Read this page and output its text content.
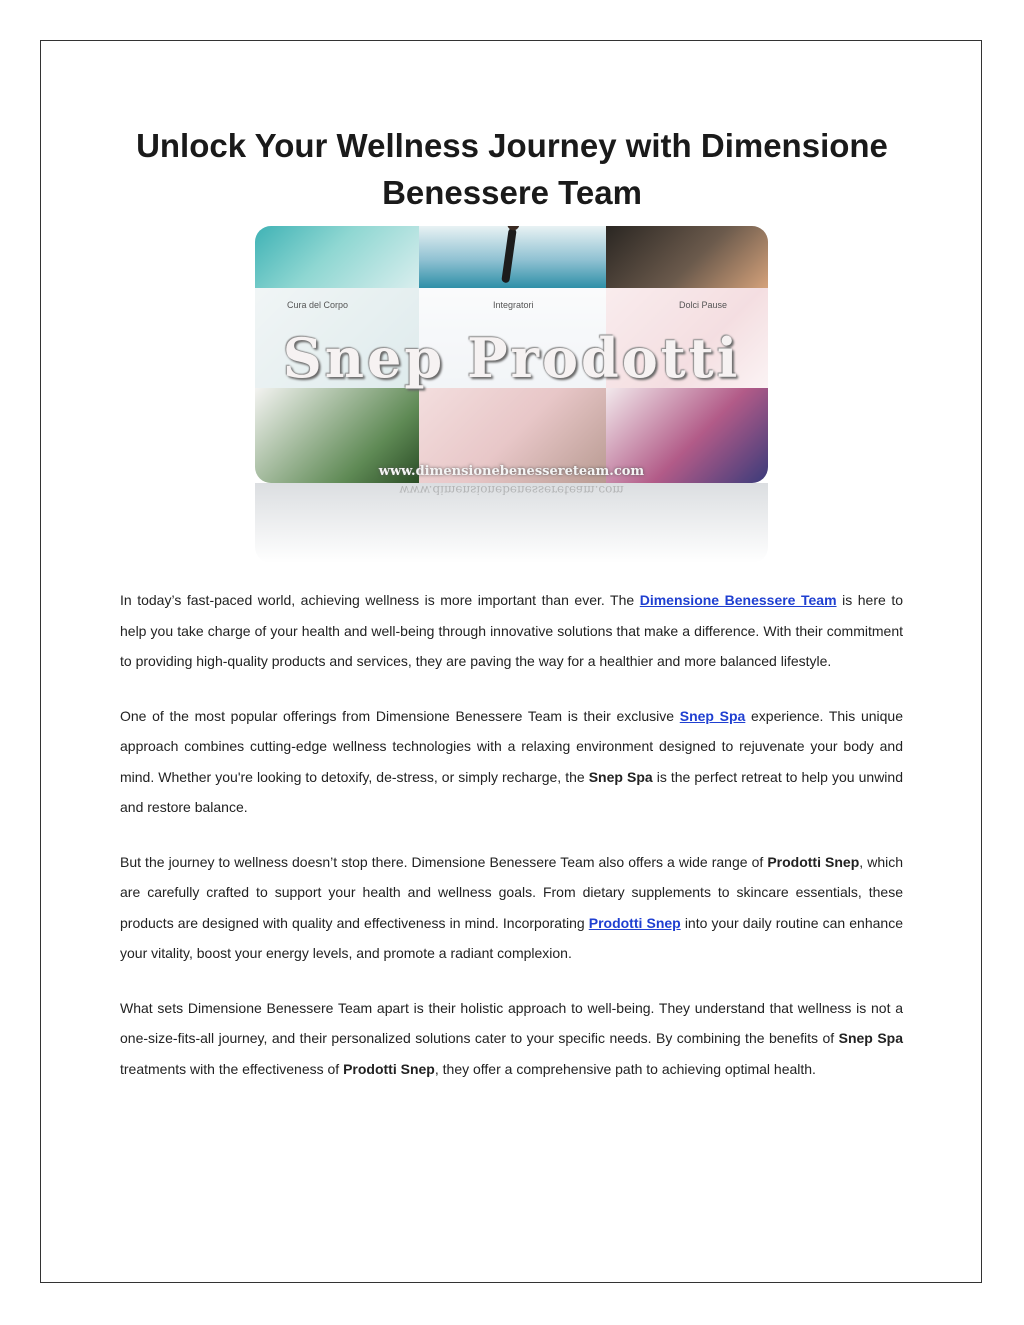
Unlock Your Wellness Journey with Dimensione Benessere Team
Cura del Corpo	Integratori	Dolci Pause
Snep Prodotti
www.dimensionebenessereteam.com
www.dimensionebenessereteam.com

In today’s fast-paced world, achieving wellness is more important than ever. The Dimensione Benessere Team is here to help you take charge of your health and well-being through innovative solutions that make a difference. With their commitment to providing high-quality products and services, they are paving the way for a healthier and more balanced lifestyle.

One of the most popular offerings from Dimensione Benessere Team is their exclusive Snep Spa experience. This unique approach combines cutting-edge wellness technologies with a relaxing environment designed to rejuvenate your body and mind. Whether you're looking to detoxify, de-stress, or simply recharge, the Snep Spa is the perfect retreat to help you unwind and restore balance.

But the journey to wellness doesn’t stop there. Dimensione Benessere Team also offers a wide range of Prodotti Snep, which are carefully crafted to support your health and wellness goals. From dietary supplements to skincare essentials, these products are designed with quality and effectiveness in mind. Incorporating Prodotti Snep into your daily routine can enhance your vitality, boost your energy levels, and promote a radiant complexion.

What sets Dimensione Benessere Team apart is their holistic approach to well-being. They understand that wellness is not a one-size-fits-all journey, and their personalized solutions cater to your specific needs. By combining the benefits of Snep Spa treatments with the effectiveness of Prodotti Snep, they offer a comprehensive path to achieving optimal health.
